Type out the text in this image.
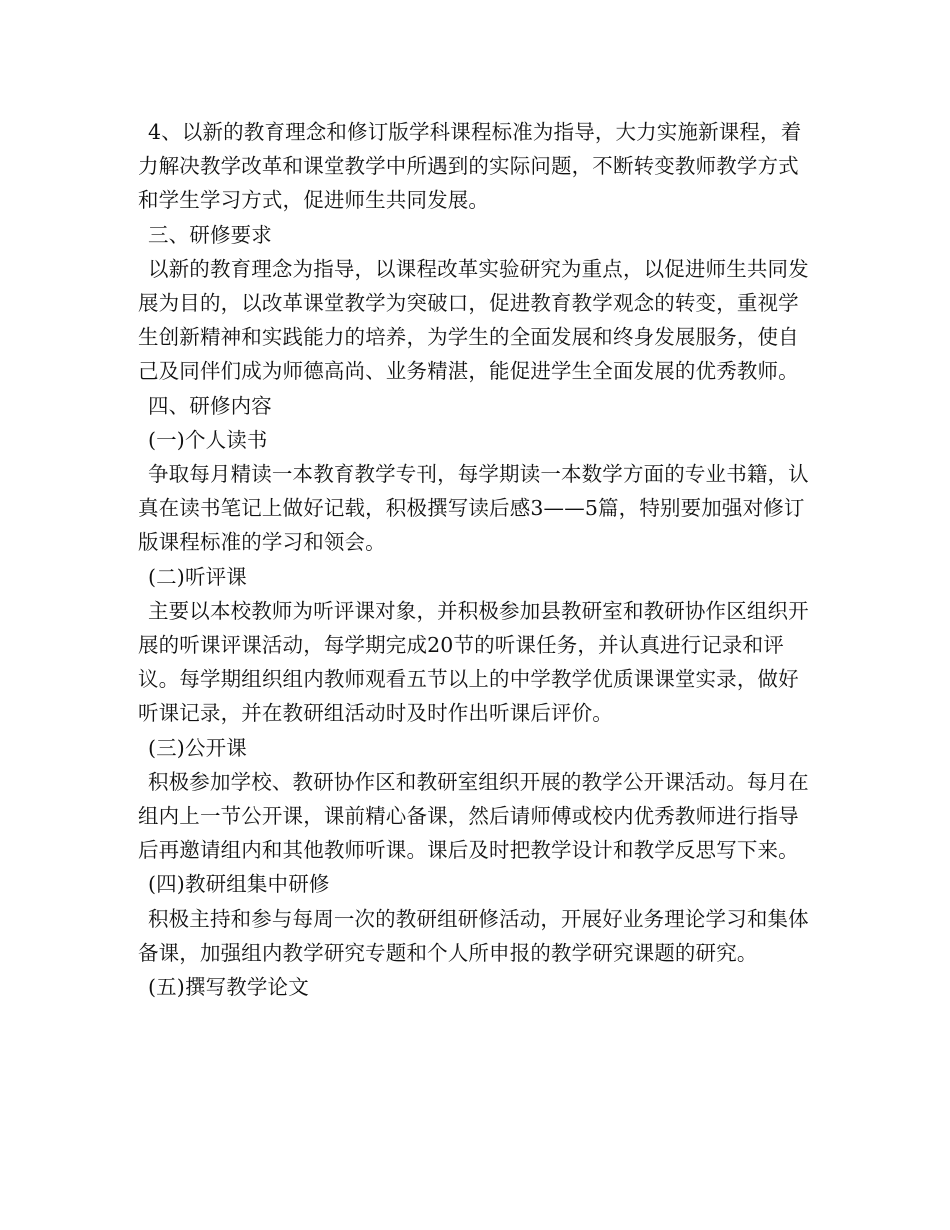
4、以新的教育理念和修订版学科课程标准为指导，大力实施新课程，着力解决教学改革和课堂教学中所遇到的实际问题，不断转变教师教学方式和学生学习方式，促进师生共同发展。

三、研修要求

以新的教育理念为指导，以课程改革实验研究为重点，以促进师生共同发展为目的，以改革课堂教学为突破口，促进教育教学观念的转变，重视学生创新精神和实践能力的培养，为学生的全面发展和终身发展服务，使自己及同伴们成为师德高尚、业务精湛，能促进学生全面发展的优秀教师。

四、研修内容

(一)个人读书

争取每月精读一本教育教学专刊，每学期读一本数学方面的专业书籍，认真在读书笔记上做好记载，积极撰写读后感3——5篇，特别要加强对修订版课程标准的学习和领会。

(二)听评课

主要以本校教师为听评课对象，并积极参加县教研室和教研协作区组织开展的听课评课活动，每学期完成20节的听课任务，并认真进行记录和评议。每学期组织组内教师观看五节以上的中学教学优质课课堂实录，做好听课记录，并在教研组活动时及时作出听课后评价。

(三)公开课

积极参加学校、教研协作区和教研室组织开展的教学公开课活动。每月在组内上一节公开课，课前精心备课，然后请师傅或校内优秀教师进行指导后再邀请组内和其他教师听课。课后及时把教学设计和教学反思写下来。

(四)教研组集中研修

积极主持和参与每周一次的教研组研修活动，开展好业务理论学习和集体备课，加强组内教学研究专题和个人所申报的教学研究课题的研究。

(五)撰写教学论文
